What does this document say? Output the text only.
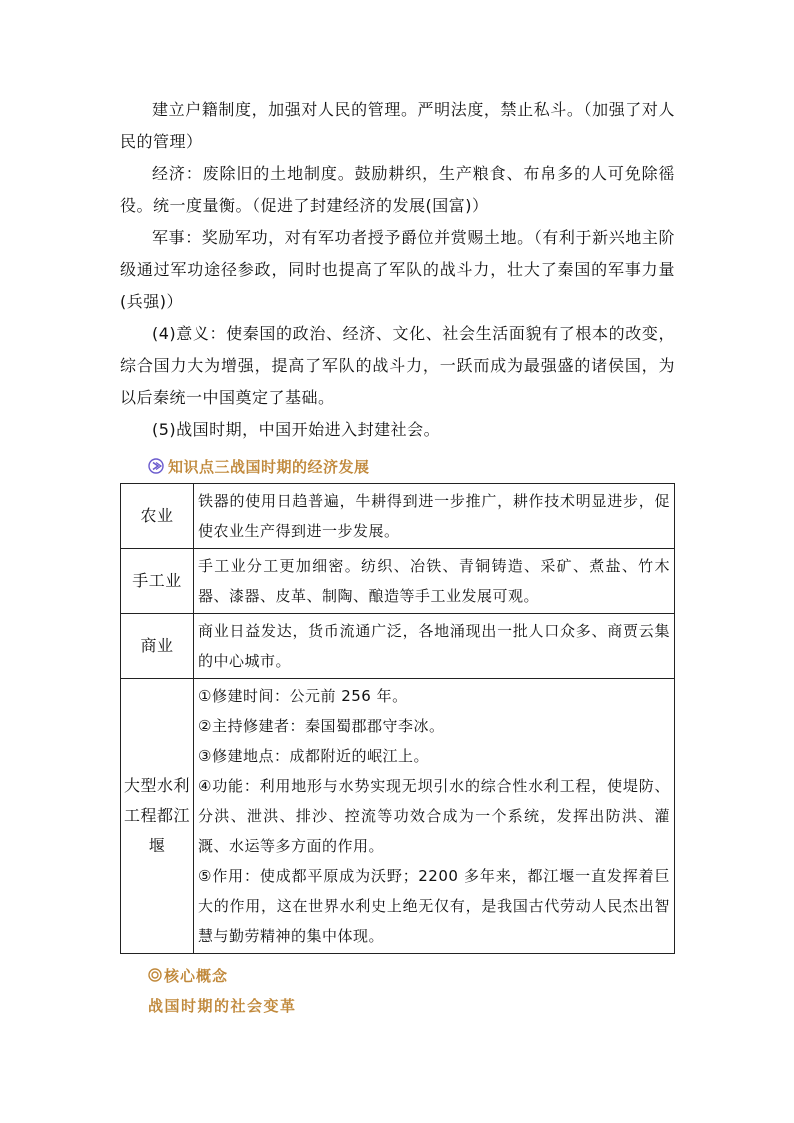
建立户籍制度，加强对人民的管理。严明法度，禁止私斗。（加强了对人民的管理）

经济：废除旧的土地制度。鼓励耕织，生产粮食、布帛多的人可免除徭役。统一度量衡。（促进了封建经济的发展(国富)）

军事：奖励军功，对有军功者授予爵位并赏赐土地。（有利于新兴地主阶级通过军功途径参政，同时也提高了军队的战斗力，壮大了秦国的军事力量(兵强)）

(4)意义：使秦国的政治、经济、文化、社会生活面貌有了根本的改变，综合国力大为增强，提高了军队的战斗力，一跃而成为最强盛的诸侯国，为以后秦统一中国奠定了基础。

(5)战国时期，中国开始进入封建社会。

知识点三战国时期的经济发展
农业	铁器的使用日趋普遍，牛耕得到进一步推广，耕作技术明显进步，促使农业生产得到进一步发展。

手工业	手工业分工更加细密。纺织、冶铁、青铜铸造、采矿、煮盐、竹木器、漆器、皮革、制陶、酿造等手工业发展可观。

商业	商业日益发达，货币流通广泛，各地涌现出一批人口众多、商贾云集的中心城市。

大型水利工程都江堰	①修建时间：公元前 256 年。
②主持修建者：秦国蜀郡郡守李冰。
③修建地点：成都附近的岷江上。
④功能：利用地形与水势实现无坝引水的综合性水利工程，使堤防、分洪、泄洪、排沙、控流等功效合成为一个系统，发挥出防洪、灌溉、水运等多方面的作用。
⑤作用：使成都平原成为沃野；2200 多年来，都江堰一直发挥着巨大的作用，这在世界水利史上绝无仅有，是我国古代劳动人民杰出智慧与勤劳精神的集中体现。
核心概念
战国时期的社会变革
